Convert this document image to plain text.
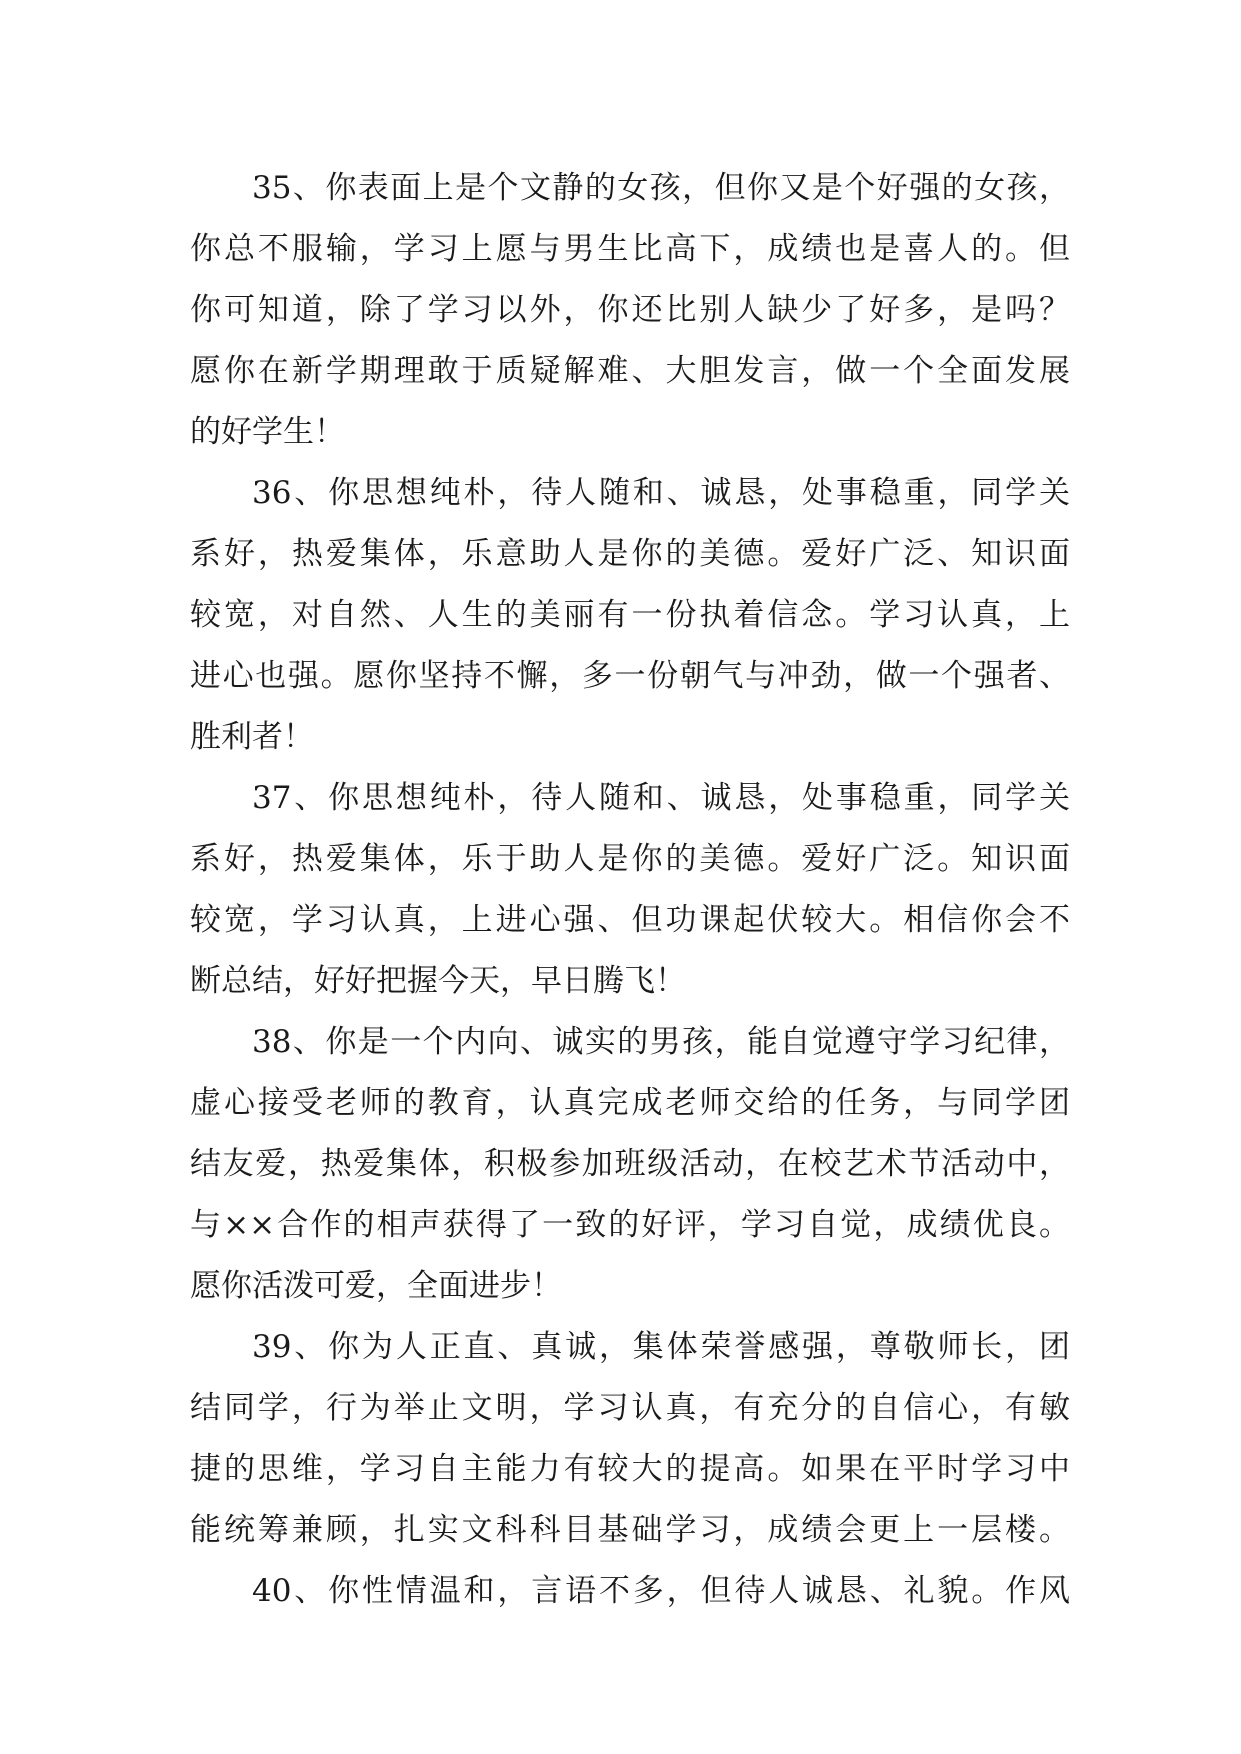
35、你表面上是个文静的女孩，但你又是个好强的女孩，
你总不服输，学习上愿与男生比高下，成绩也是喜人的。但
你可知道，除了学习以外，你还比别人缺少了好多，是吗？
愿你在新学期理敢于质疑解难、大胆发言，做一个全面发展
的好学生！
36、你思想纯朴，待人随和、诚恳，处事稳重，同学关
系好，热爱集体，乐意助人是你的美德。爱好广泛、知识面
较宽，对自然、人生的美丽有一份执着信念。学习认真，上
进心也强。愿你坚持不懈，多一份朝气与冲劲，做一个强者、
胜利者！
37、你思想纯朴，待人随和、诚恳，处事稳重，同学关
系好，热爱集体，乐于助人是你的美德。爱好广泛。知识面
较宽，学习认真，上进心强、但功课起伏较大。相信你会不
断总结，好好把握今天，早日腾飞！
38、你是一个内向、诚实的男孩，能自觉遵守学习纪律，
虚心接受老师的教育，认真完成老师交给的任务，与同学团
结友爱，热爱集体，积极参加班级活动，在校艺术节活动中，
与××合作的相声获得了一致的好评，学习自觉，成绩优良。
愿你活泼可爱，全面进步！
39、你为人正直、真诚，集体荣誉感强，尊敬师长，团
结同学，行为举止文明，学习认真，有充分的自信心，有敏
捷的思维，学习自主能力有较大的提高。如果在平时学习中
能统筹兼顾，扎实文科科目基础学习，成绩会更上一层楼。
40、你性情温和，言语不多，但待人诚恳、礼貌。作风
